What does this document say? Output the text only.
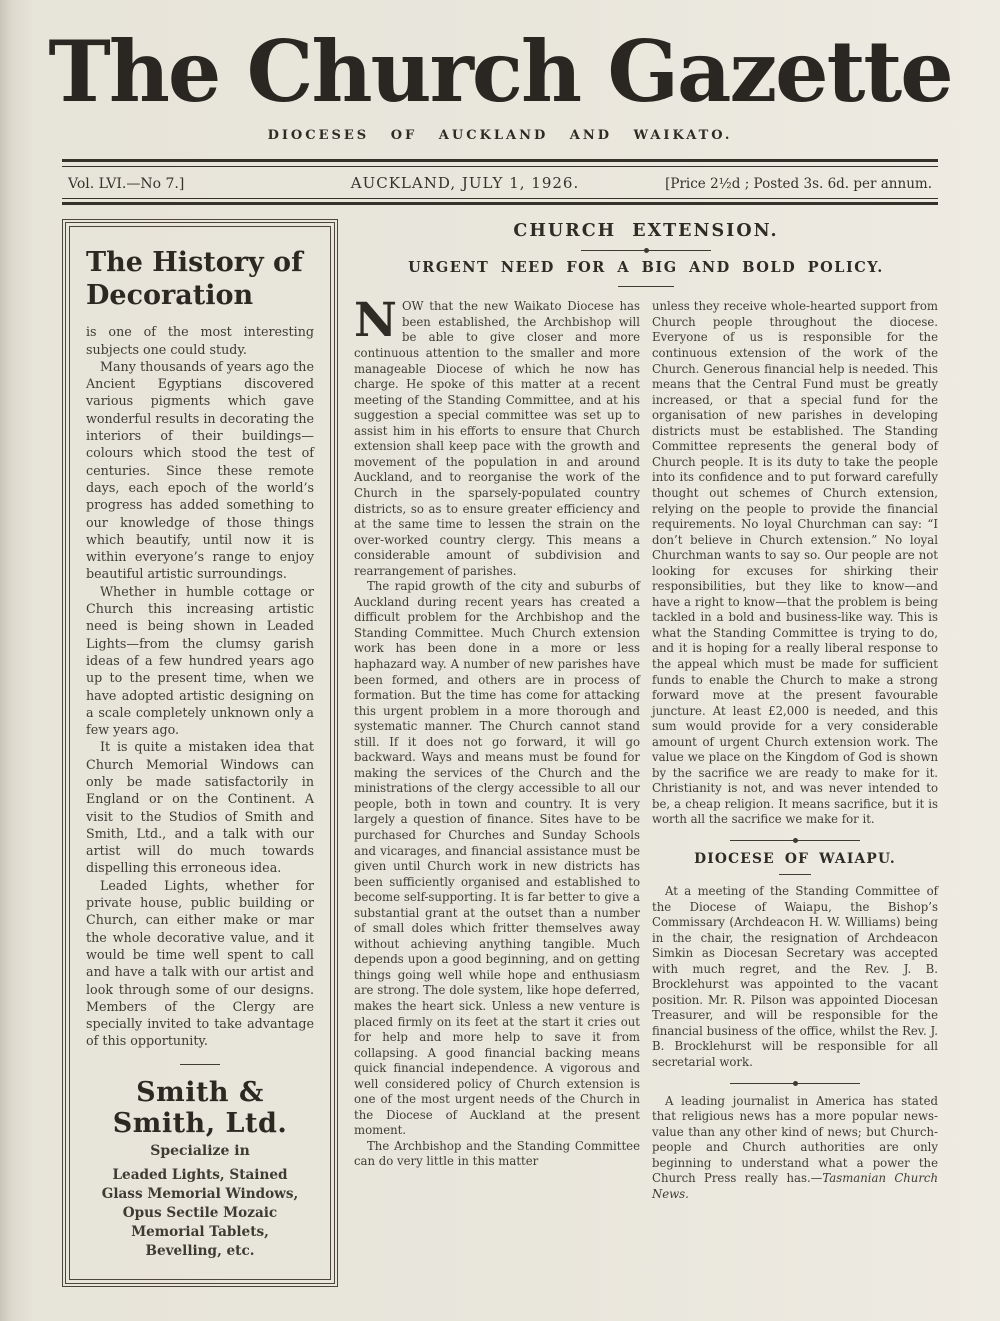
The Church Gazette
DIOCESES OF AUCKLAND AND WAIKATO.
Vol. LVI.—No 7.]	AUCKLAND, JULY 1, 1926.	[Price 2½d ; Posted 3s. 6d. per annum.
The History of Decoration

is one of the most interesting subjects one could study.

Many thousands of years ago the Ancient Egyptians discovered various pigments which gave wonderful results in decorating the interiors of their buildings—colours which stood the test of centuries. Since these remote days, each epoch of the world’s progress has added something to our knowledge of those things which beautify, until now it is within everyone’s range to enjoy beautiful artistic surroundings.

Whether in humble cottage or Church this increasing artistic need is being shown in Leaded Lights—from the clumsy garish ideas of a few hundred years ago up to the present time, when we have adopted artistic designing on a scale completely unknown only a few years ago.

It is quite a mistaken idea that Church Memorial Windows can only be made satisfactorily in England or on the Continent. A visit to the Studios of Smith and Smith, Ltd., and a talk with our artist will do much towards dispelling this erroneous idea.

Leaded Lights, whether for private house, public building or Church, can either make or mar the whole decorative value, and it would be time well spent to call and have a talk with our artist and look through some of our designs. Members of the Clergy are specially invited to take advantage of this opportunity.

Smith & Smith, Ltd.

Specialize in

Leaded Lights, Stained Glass Memorial Windows, Opus Sectile Mozaic Memorial Tablets, Bevelling, etc.

CHURCH EXTENSION.
URGENT NEED FOR A BIG AND BOLD POLICY.

NOW that the new Waikato Diocese has been established, the Archbishop will be able to give closer and more continuous attention to the smaller and more manageable Diocese of which he now has charge. He spoke of this matter at a recent meeting of the Standing Committee, and at his suggestion a special committee was set up to assist him in his efforts to ensure that Church extension shall keep pace with the growth and movement of the population in and around Auckland, and to reorganise the work of the Church in the sparsely-populated country districts, so as to ensure greater efficiency and at the same time to lessen the strain on the over-worked country clergy. This means a considerable amount of subdivision and rearrangement of parishes.

The rapid growth of the city and suburbs of Auckland during recent years has created a difficult problem for the Archbishop and the Standing Committee. Much Church extension work has been done in a more or less haphazard way. A number of new parishes have been formed, and others are in process of formation. But the time has come for attacking this urgent problem in a more thorough and systematic manner. The Church cannot stand still. If it does not go forward, it will go backward. Ways and means must be found for making the services of the Church and the ministrations of the clergy accessible to all our people, both in town and country. It is very largely a question of finance. Sites have to be purchased for Churches and Sunday Schools and vicarages, and financial assistance must be given until Church work in new districts has been sufficiently organised and established to become self-supporting. It is far better to give a substantial grant at the outset than a number of small doles which fritter themselves away without achieving anything tangible. Much depends upon a good beginning, and on getting things going well while hope and enthusiasm are strong. The dole system, like hope deferred, makes the heart sick. Unless a new venture is placed firmly on its feet at the start it cries out for help and more help to save it from collapsing. A good financial backing means quick financial independence. A vigorous and well considered policy of Church extension is one of the most urgent needs of the Church in the Diocese of Auckland at the present moment.

The Archbishop and the Standing Committee can do very little in this matter

unless they receive whole-hearted support from Church people throughout the diocese. Everyone of us is responsible for the continuous extension of the work of the Church. Generous financial help is needed. This means that the Central Fund must be greatly increased, or that a special fund for the organisation of new parishes in developing districts must be established. The Standing Committee represents the general body of Church people. It is its duty to take the people into its confidence and to put forward carefully thought out schemes of Church extension, relying on the people to provide the financial requirements. No loyal Churchman can say: “I don’t believe in Church extension.” No loyal Churchman wants to say so. Our people are not looking for excuses for shirking their responsibilities, but they like to know—and have a right to know—that the problem is being tackled in a bold and business-like way. This is what the Standing Committee is trying to do, and it is hoping for a really liberal response to the appeal which must be made for sufficient funds to enable the Church to make a strong forward move at the present favourable juncture. At least £2,000 is needed, and this sum would provide for a very considerable amount of urgent Church extension work. The value we place on the Kingdom of God is shown by the sacrifice we are ready to make for it. Christianity is not, and was never intended to be, a cheap religion. It means sacrifice, but it is worth all the sacrifice we make for it.

DIOCESE OF WAIAPU.

At a meeting of the Standing Committee of the Diocese of Waiapu, the Bishop’s Commissary (Archdeacon H. W. Williams) being in the chair, the resignation of Archdeacon Simkin as Diocesan Secretary was accepted with much regret, and the Rev. J. B. Brocklehurst was appointed to the vacant position. Mr. R. Pilson was appointed Diocesan Treasurer, and will be responsible for the financial business of the office, whilst the Rev. J. B. Brocklehurst will be responsible for all secretarial work.

A leading journalist in America has stated that religious news has a more popular news-value than any other kind of news; but Church-people and Church authorities are only beginning to understand what a power the Church Press really has.—Tasmanian Church News.
